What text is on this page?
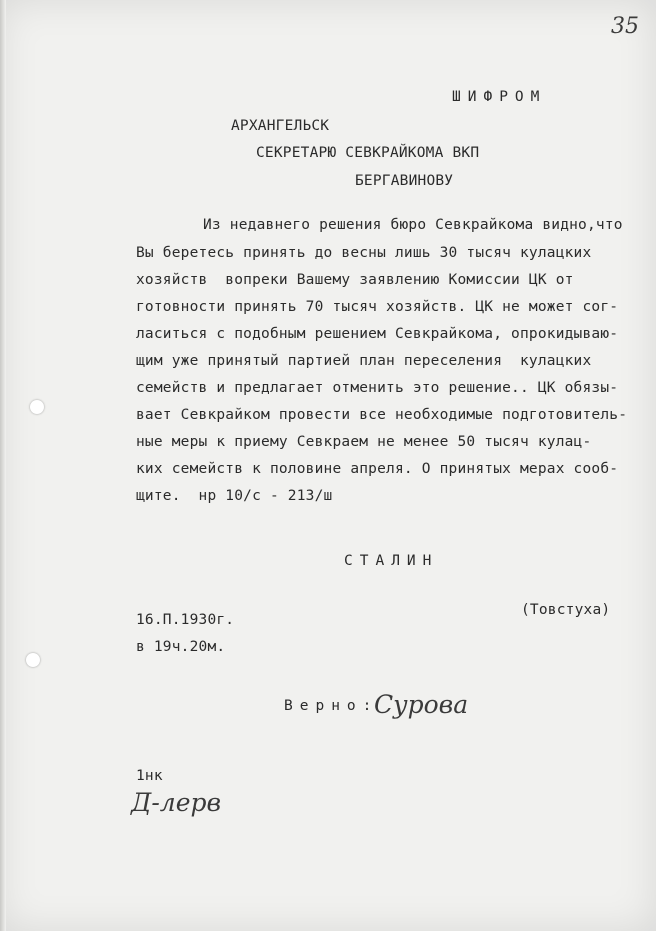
35
ШИФРОМ
АРХАНГЕЛЬСК
СЕКРЕТАРЮ СЕВКРАЙКОМА ВКП
БЕРГАВИНОВУ
Из недавнего решения бюро Севкрайкома видно,что
Вы беретесь принять до весны лишь 30 тысяч кулацких
хозяйств  вопреки Вашему заявлению Комиссии ЦК от
готовности принять 70 тысяч хозяйств. ЦК не может сог-
ласиться с подобным решением Севкрайкома, опрокидываю-
щим уже принятый партией план переселения  кулацких
семейств и предлагает отменить это решение.. ЦК обязы-
вает Севкрайком провести все необходимые подготовитель-
ные меры к приему Севкраем не менее 50 тысяч кулац-
ких семейств к половине апреля. О принятых мерах сооб-
щите.  нр 10/с - 213/ш
СТАЛИН
(Товстуха)
16.П.1930г.
в 19ч.20м.
Верно:
Сурова
1нк
Д-лерв
